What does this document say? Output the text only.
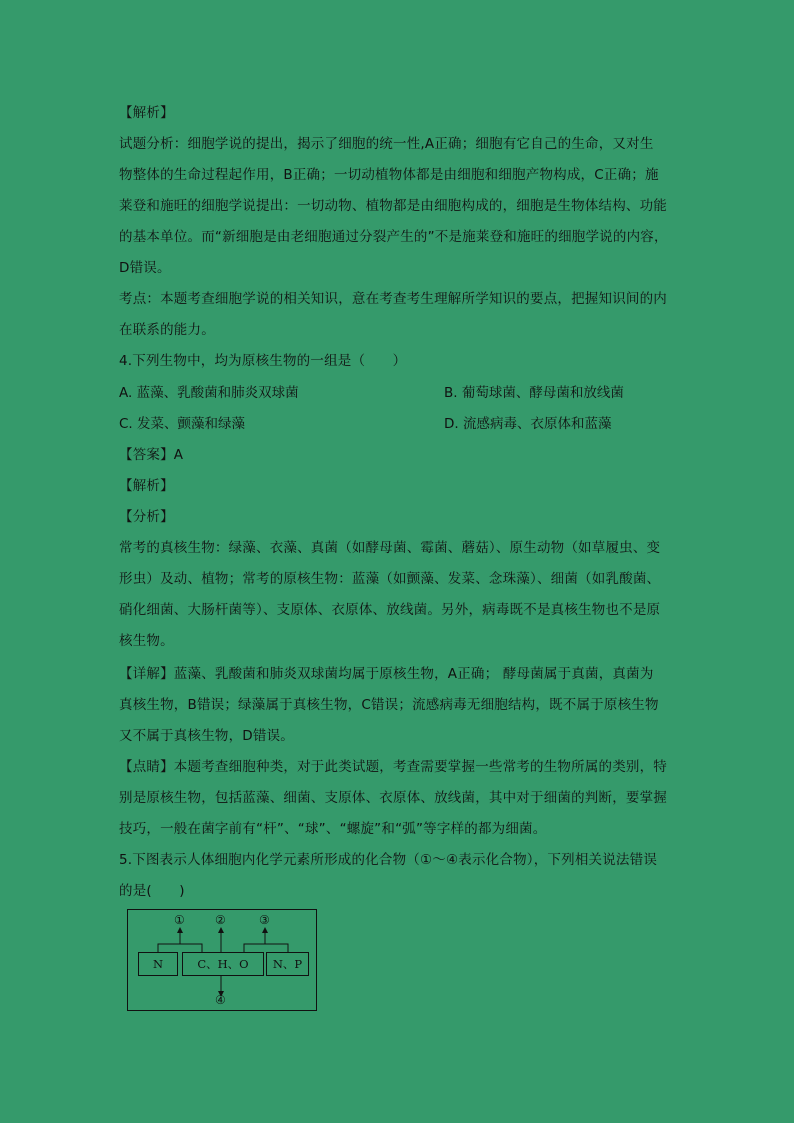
【解析】
试题分析：细胞学说的提出，揭示了细胞的统一性,A正确；细胞有它自己的生命，又对生
物整体的生命过程起作用，B正确；一切动植物体都是由细胞和细胞产物构成，C正确；施
莱登和施旺的细胞学说提出：一切动物、植物都是由细胞构成的，细胞是生物体结构、功能
的基本单位。而“新细胞是由老细胞通过分裂产生的”不是施莱登和施旺的细胞学说的内容，
D错误。
考点：本题考查细胞学说的相关知识，意在考查考生理解所学知识的要点，把握知识间的内
在联系的能力。
4.下列生物中，均为原核生物的一组是（　　）
A. 蓝藻、乳酸菌和肺炎双球菌	B. 葡萄球菌、酵母菌和放线菌
C. 发菜、颤藻和绿藻	D. 流感病毒、衣原体和蓝藻
【答案】A
【解析】
【分析】
常考的真核生物：绿藻、衣藻、真菌（如酵母菌、霉菌、蘑菇）、原生动物（如草履虫、变
形虫）及动、植物；常考的原核生物：蓝藻（如颤藻、发菜、念珠藻）、细菌（如乳酸菌、
硝化细菌、大肠杆菌等）、支原体、衣原体、放线菌。另外，病毒既不是真核生物也不是原
核生物。
【详解】蓝藻、乳酸菌和肺炎双球菌均属于原核生物，A正确； 酵母菌属于真菌，真菌为
真核生物，B错误；绿藻属于真核生物，C错误；流感病毒无细胞结构，既不属于原核生物
又不属于真核生物，D错误。
【点睛】本题考查细胞种类，对于此类试题，考查需要掌握一些常考的生物所属的类别，特
别是原核生物，包括蓝藻、细菌、支原体、衣原体、放线菌，其中对于细菌的判断，要掌握
技巧，一般在菌字前有“杆”、“球”、“螺旋”和“弧”等字样的都为细菌。
5.下图表示人体细胞内化学元素所形成的化合物（①～④表示化合物），下列相关说法错误
的是(　　)
①	②	③
④
N	C、H、O	N、P
